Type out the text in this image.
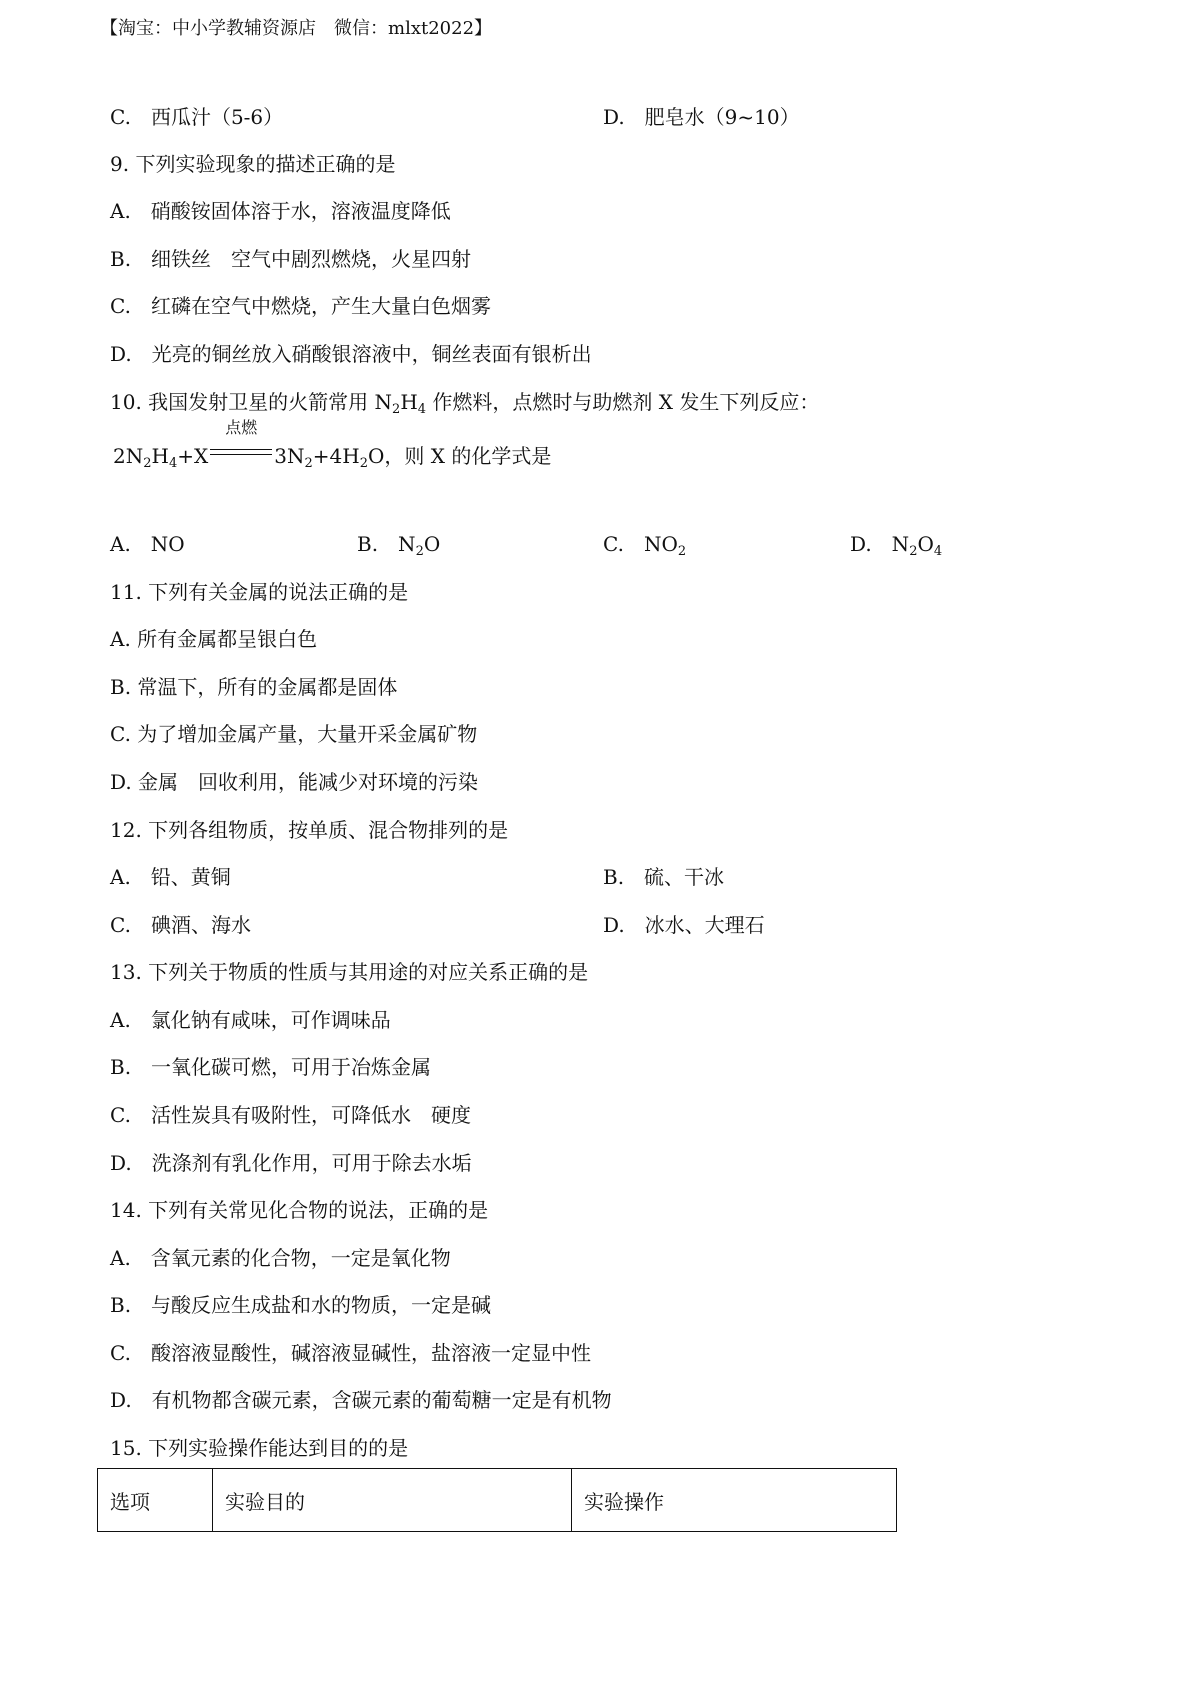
【淘宝：中小学教辅资源店　微信：mlxt2022】
C.　西瓜汁（5-6）	D.　肥皂水（9~10）
9. 下列实验现象的描述正确的是
A.　硝酸铵固体溶于水，溶液温度降低
B.　细铁丝　空气中剧烈燃烧，火星四射
C.　红磷在空气中燃烧，产生大量白色烟雾
D.　光亮的铜丝放入硝酸银溶液中，铜丝表面有银析出
10. 我国发射卫星的火箭常用 $N_2H_4$ 作燃料，点燃时与助燃剂 X 发生下列反应：
$2N_2H_4+X$
点燃
$3N_2+4H_2O$，则 X 的化学式是
A.　NO	B.　$N_2O$	C.　$NO_2$	D.　$N_2O_4$
11. 下列有关金属的说法正确的是
A. 所有金属都呈银白色
B. 常温下，所有的金属都是固体
C. 为了增加金属产量，大量开采金属矿物
D. 金属　回收利用，能减少对环境的污染
12. 下列各组物质，按单质、混合物排列的是
A.　铅、黄铜	B.　硫、干冰
C.　碘酒、海水	D.　冰水、大理石
13. 下列关于物质的性质与其用途的对应关系正确的是
A.　氯化钠有咸味，可作调味品
B.　一氧化碳可燃，可用于冶炼金属
C.　活性炭具有吸附性，可降低水　硬度
D.　洗涤剂有乳化作用，可用于除去水垢
14. 下列有关常见化合物的说法，正确的是
A.　含氧元素的化合物，一定是氧化物
B.　与酸反应生成盐和水的物质，一定是碱
C.　酸溶液显酸性，碱溶液显碱性，盐溶液一定显中性
D.　有机物都含碳元素，含碳元素的葡萄糖一定是有机物
15. 下列实验操作能达到目的的是
选项	实验目的	实验操作
